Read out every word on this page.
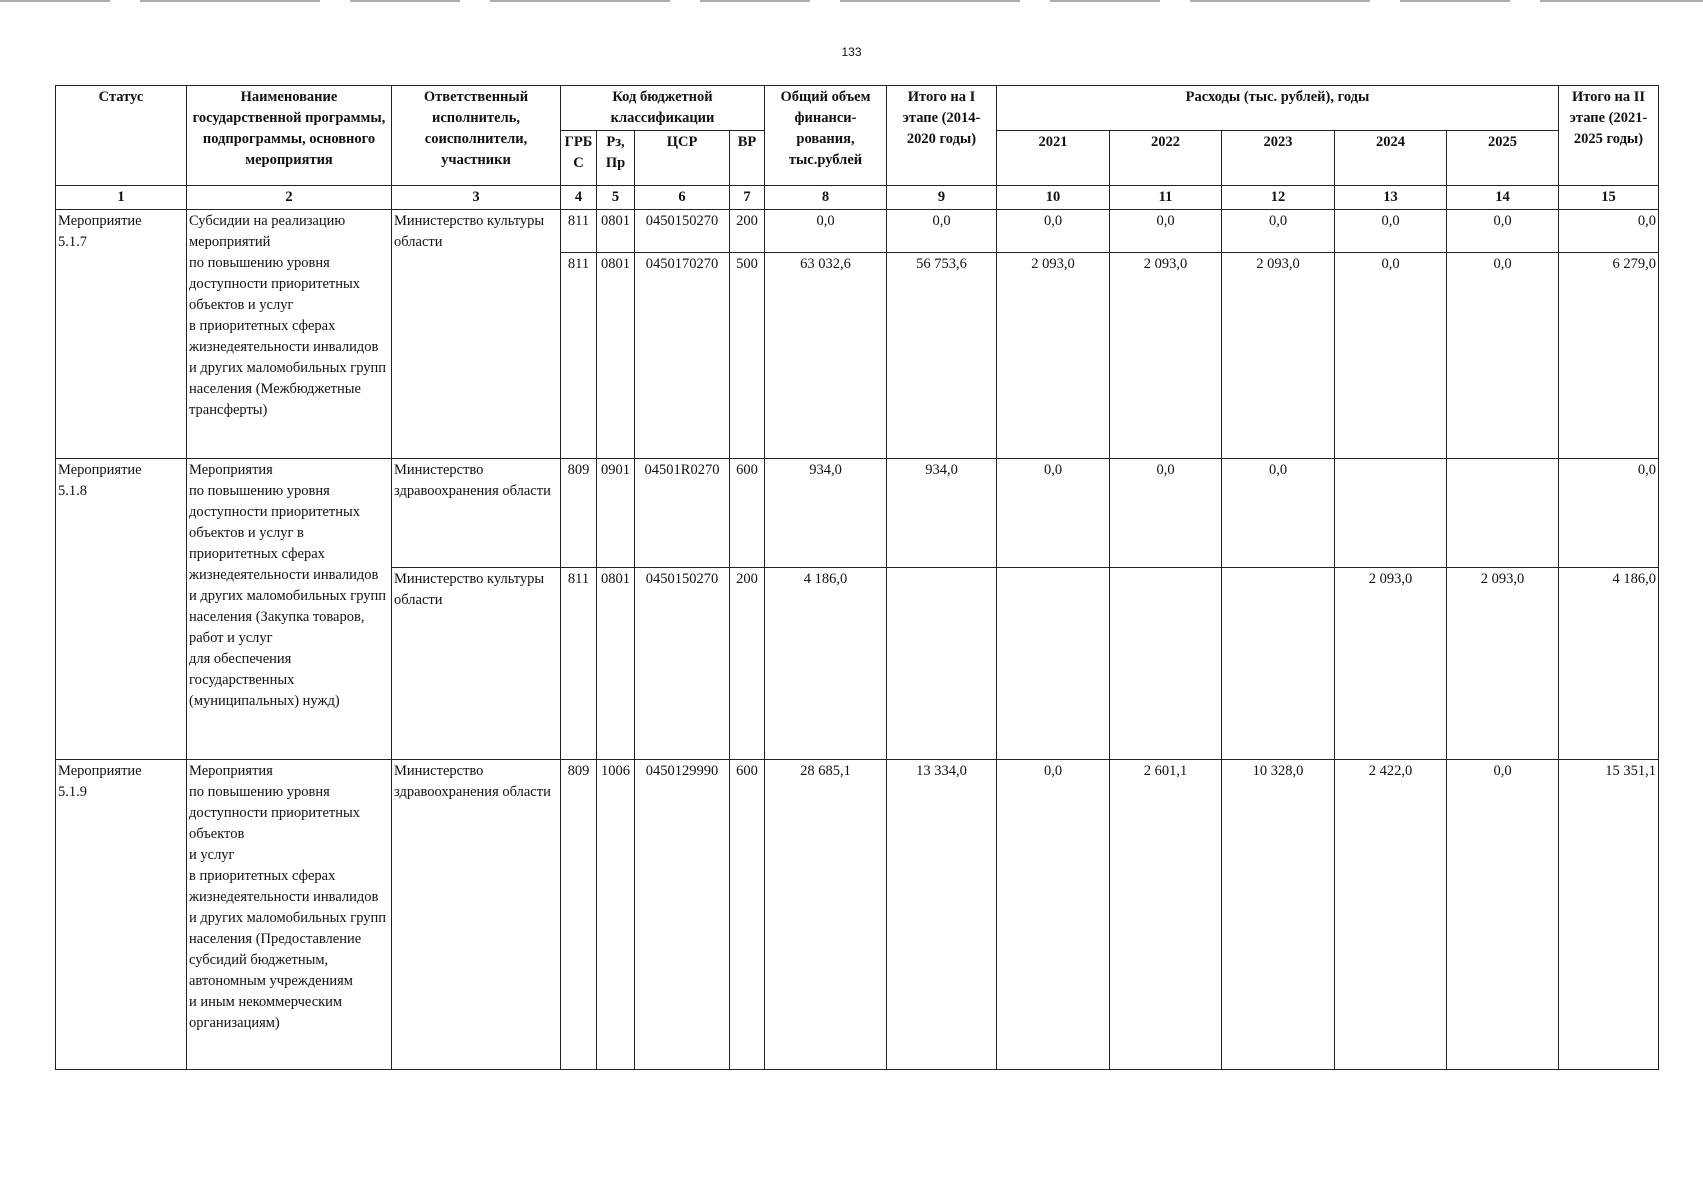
133
Статус	Наименование государственной программы, подпрограммы, основного мероприятия	Ответственный исполнитель, соисполнители, участники	Код бюджетной классификации				Общий объем финанси-рования, тыс.рублей	Итого на I этапе (2014-2020 годы)	Расходы (тыс. рублей), годы					Итого на II этапе (2021-2025 годы)
			ГРБ С	Рз, Пр	ЦСР	ВР			2021	2022	2023	2024	2025	
1	2	3	4	5	6	7	8	9	10	11	12	13	14	15
Мероприятие
5.1.7	Субсидии на реализацию мероприятий
по повышению уровня доступности приоритетных объектов и услуг
в приоритетных сферах жизнедеятельности инвалидов и других маломобильных групп населения (Межбюджетные трансферты)	Министерство культуры области	811	0801	0450150270	200	0,0	0,0	0,0	0,0	0,0	0,0	0,0	0,0
			811	0801	0450170270	500	63 032,6	56 753,6	2 093,0	2 093,0	2 093,0	0,0	0,0	6 279,0
Мероприятие
5.1.8	Мероприятия
по повышению уровня доступности приоритетных объектов и услуг в приоритетных сферах жизнедеятельности инвалидов и других маломобильных групп населения (Закупка товаров, работ и услуг
для обеспечения государственных (муниципальных) нужд)	Министерство здравоохранения области	809	0901	04501R0270	600	934,0	934,0	0,0	0,0	0,0			0,0
		Министерство культуры области	811	0801	0450150270	200	4 186,0					2 093,0	2 093,0	4 186,0
Мероприятие
5.1.9	Мероприятия
по повышению уровня доступности приоритетных объектов
и услуг
в приоритетных сферах жизнедеятельности инвалидов и других маломобильных групп населения (Предоставление субсидий бюджетным, автономным учреждениям
и иным некоммерческим организациям)	Министерство здравоохранения области	809	1006	0450129990	600	28 685,1	13 334,0	0,0	2 601,1	10 328,0	2 422,0	0,0	15 351,1
